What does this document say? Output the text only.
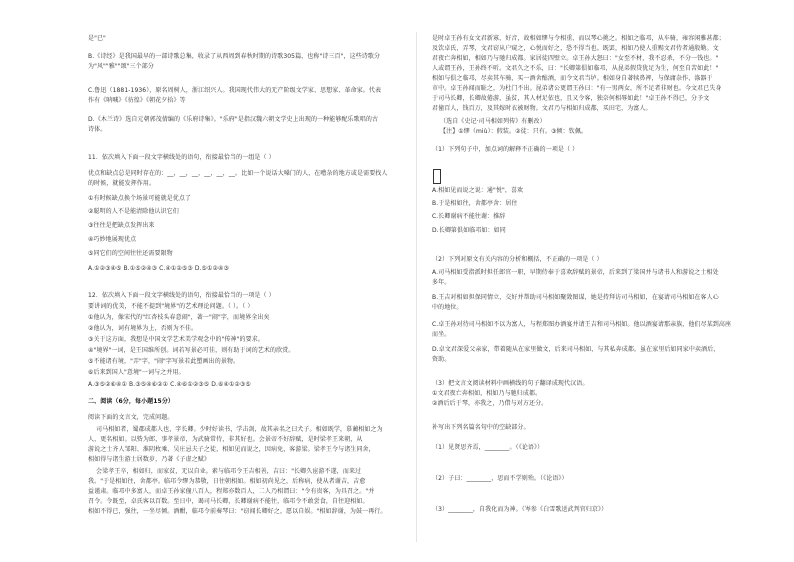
是"已"
B.《诗经》是我国最早的一部诗歌总集，收录了从西周到春秋时期的诗歌305篇，也称"诗三百"，这些诗歌分
为"风""雅""颂"三个部分
C.鲁迅（1881-1936），原名周树人，浙江绍兴人。我国现代伟大的无产阶级文学家、思想家、革命家。代表
作有《呐喊》《彷徨》《朝花夕拾》等
D.《木兰诗》选自元朝郭茂倩编的《乐府诗集》。"乐府"是指汉魏六朝文学史上出现的一种能够配乐歌唱的古
诗体。
11．依次填入下面一段文字横线处的语句，衔接最恰当的一组是（ ）
优点和缺点总是同时存在的：__，__，__，__，__，__。比如一个说话大嗓门的人，在嘈杂的地方或是需要找人
的时候，就能发挥作用。
①有时候缺点换个场景可能就是优点了
②聪明的人不是能清除他认识它们
③往往是把缺点发挥出来
④巧妙地展现优点
⑤同它们的空间往往还需要限物
A.①②③④⑤ B.①⑤②④③ C.④①②⑤③ D.⑤①②④③
12．依次填入下面一段文字横线处的语句，衔接最恰当的一项是（ ）
要讲词的优美，不能不提到"境界"的艺术理论问题。（ ）。（ ）
①他认为，像宋代的"红杏枝头春意闹"，著一"闹"字，而境界全出矣
②他认为，词有境界为上，否则为不佳。
③关于这方面，我想是中国文学艺术美学观念中的"传神"的要求。
④"境界"一词，是王国维所创。词若写景必可佳，则有助于词的艺术的欣赏。
⑤不能诸有境，"弄"字，"闹"字写景若此塑画出的景物。
⑥后来到国人"意境"一词与之并用。
A.③⑤②⑥④① B.③⑤④⑥②① C.④⑥①②③⑤ D.⑥④①②③⑤
二、阅读（6分，每小题15分）
阅读下面的文言文，完成问题。
司马相如者，蜀郡成都人也，字长卿。少时好读书，学击剑，故其亲名之曰犬子。相如既学，慕蔺相如之为
人，更名相如。以赀为郎，事孝景帝，为武骑常侍，非其好也。会景帝不好辞赋，是时梁孝王来朝，从
游说之士齐人邹阳、淮阴枚乘、吴庄忌夫子之徒，相如见而说之，因病免，客游梁。梁孝王令与诸生同舍，
相如得与诸生游士居数岁，乃著《子虚之赋》
会梁孝王卒，相如归，而家贫，无以自业。素与临邛令王吉相善，吉曰："长卿久宦游不遂，而来过
我。"于是相如往，舍都亭。临邛令缪为恭敬，日往朝相如。相如初尚见之，后称病，使从者谢吉，吉愈
益谨肃。临邛中多富人，而卓王孙家僮八百人，程郑亦数百人，二人乃相谓曰："令有贵客，为具召之。"并
召令。令既至，卓氏客以百数。至日中，谒司马长卿，长卿谢病不能往，临邛令不敢尝食，自往迎相如。
相如不得已，强往，一坐尽倾。酒酣，临邛令前奏琴曰："窃闻长卿好之，愿以自娱。"相如辞谢，为鼓一再行。
是时卓王孙有女文君新寡，好音，故相如缪与令相重，而以琴心挑之。相如之临邛，从车骑，雍容闲雅甚都；
及饮卓氏，弄琴，文君窃从户窥之，心悦而好之，恐不得当也。既罢，相如乃使人重赐文君侍者通殷勤。文
君夜亡奔相如，相如乃与驰归成都。家居徒四壁立。卓王孙大怒曰："女至不材，我不忍杀，不分一钱也。"
人或谓王孙，王孙终不听。文君久之不乐，曰："长卿第俱如临邛，从昆弟假贷犹足为生，何至自苦如此！"
相如与俱之临邛，尽卖其车骑，买一酒舍酤酒，而令文君当垆。相如身自著犊鼻裈，与保庸杂作，涤器于
市中。卓王孙闻而耻之，为杜门不出。昆弟诸公更谓王孙曰："有一男两女，所不足者非财也。今文君已失身
于司马长卿，长卿故倦游，虽贫，其人材足依也，且又令客，独奈何相辱如此！"卓王孙不得已，分予文
君僮百人，钱百万，及其嫁时衣被财物。文君乃与相如归成都，买田宅，为富人。
（选自《史记·司马相如列传》有删改）
【注】①缪（miù）：假装。②徒：只有。③倾：钦佩。
（1）下列句子中，加点词的解释不正确的一项是（ ）
A.相如见而说之说：通"悦"，喜欢
B.于是相如往，舍都亭舍：居住
C.长卿谢病不能往谢：推辞
D.长卿第俱如临邛如：如同
（2）下列对原文有关内容的分析和概括，不正确的一项是（ ）
A.司马相如受指派时担任郎官一职，早期侍奉于喜欢辞赋的景帝，后来到了梁国并与诸书人和游说之士相处
多年。
B.王吉对相如担保同情立，交好并帮助司马相如聚敛图谋，她是持拜访司马相如，在宴请司马相如在客人心
中的地位。
C.卓王孙对待司马相如不以为富人，与程郑图办酒宴并请王吉和司马相如。他以酒宴请那亲族，他们尽某到高座
而坐。
D.卓文君深爱父亲家，带着随从在家里做文，后来司马相如，与其私奔成都。虽在家里后如同家中卖酒后，
资助。
（3）把文言文阅读材料中画横线的句子翻译成现代汉语。
①文君夜亡奔相如，相如乃与驰归成都。
②酒后后于琴，亦我之，乃借与对方还分。
补写出下列名篇名句中的空缺部分。
（1）见贤思齐焉，________。（《论语》）
（2）子曰：________，思而不学则殆。（《论语》）
（3）________，自我化而为神。（岑参《白雪歌送武判官归京》）
